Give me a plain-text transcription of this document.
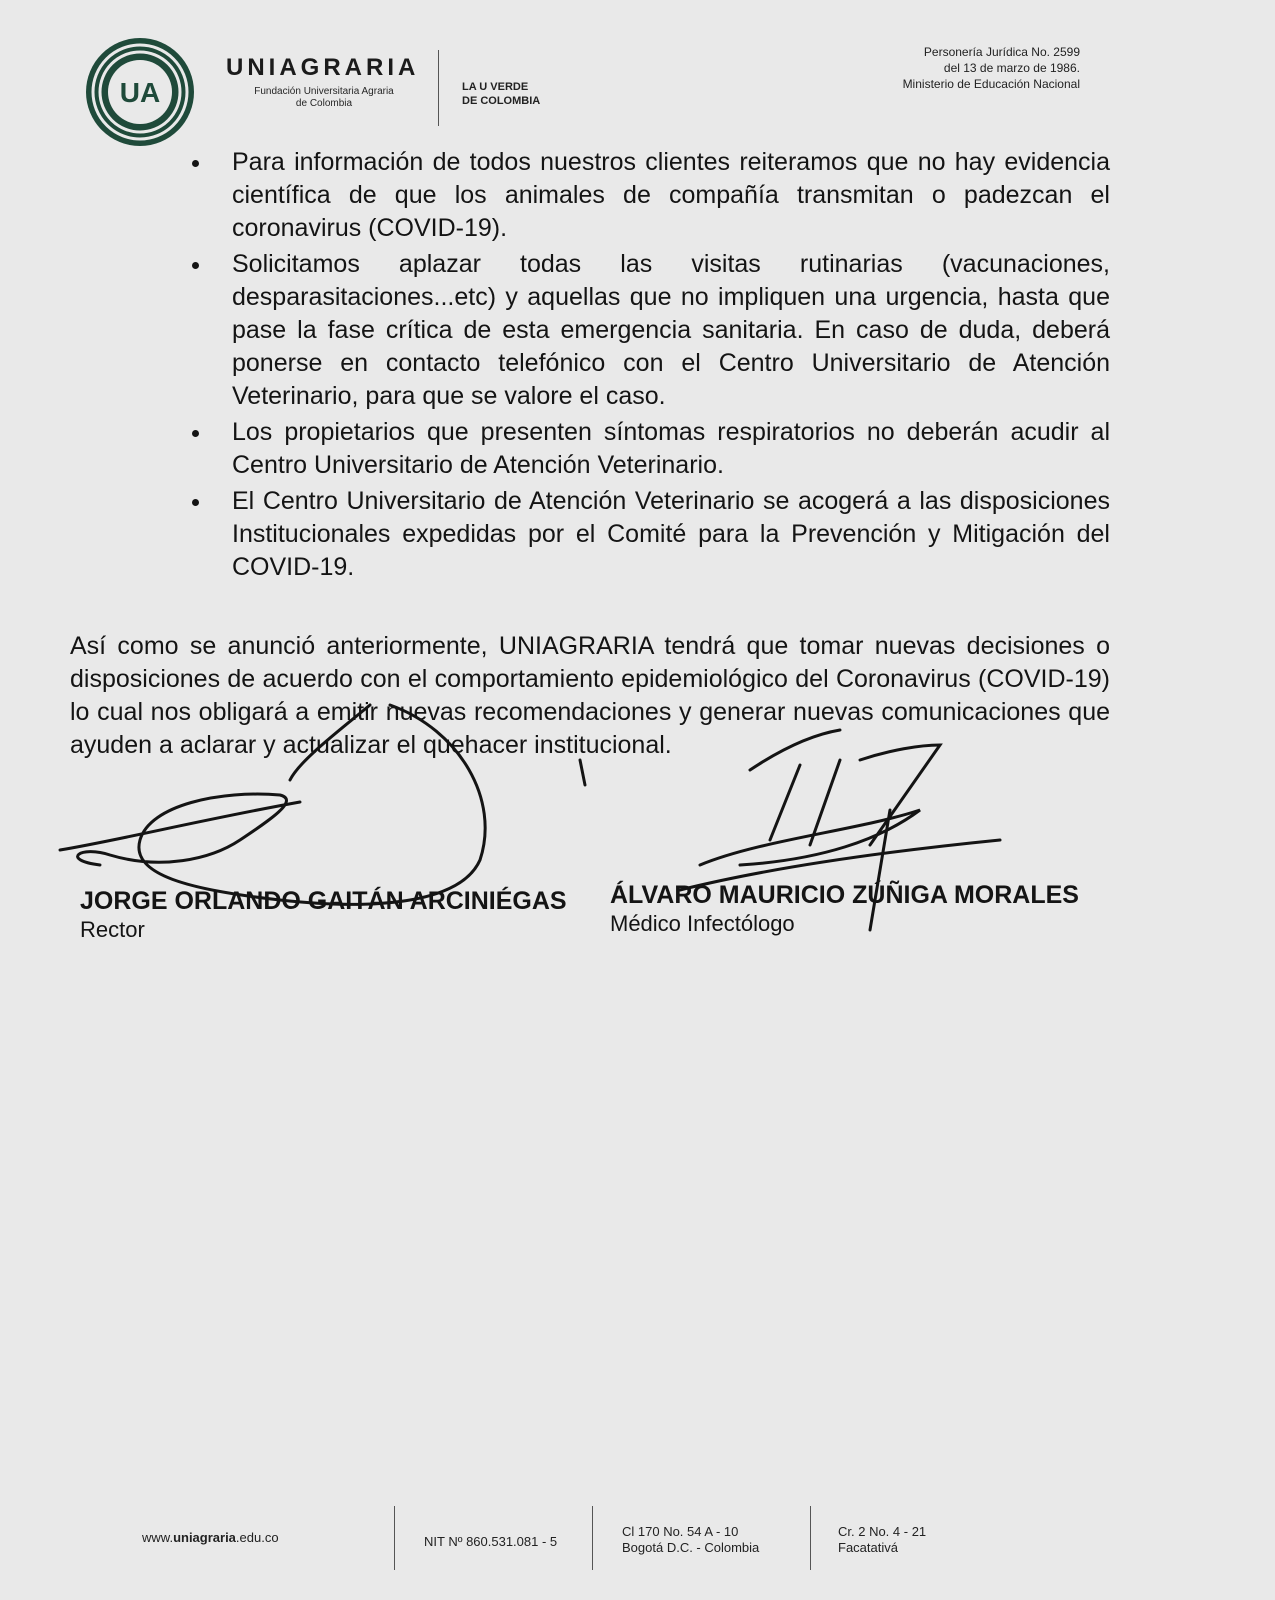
UA
UNIAGRARIA
Fundación Universitaria Agraria
de Colombia
LA U VERDE
DE COLOMBIA
Personería Jurídica No. 2599
del 13 de marzo de 1986.
Ministerio de Educación Nacional
Para información de todos nuestros clientes reiteramos que no hay evidencia científica de que los animales de compañía transmitan o padezcan el coronavirus (COVID-19).
Solicitamos aplazar todas las visitas rutinarias (vacunaciones, desparasitaciones...etc) y aquellas que no impliquen una urgencia, hasta que pase la fase crítica de esta emergencia sanitaria. En caso de duda, deberá ponerse en contacto telefónico con el Centro Universitario de Atención Veterinario, para que se valore el caso.
Los propietarios que presenten síntomas respiratorios no deberán acudir al Centro Universitario de Atención Veterinario.
El Centro Universitario de Atención Veterinario se acogerá a las disposiciones Institucionales expedidas por el Comité para la Prevención y Mitigación del COVID-19.

Así como se anunció anteriormente, UNIAGRARIA tendrá que tomar nuevas decisiones o disposiciones de acuerdo con el comportamiento epidemiológico del Coronavirus (COVID-19) lo cual nos obligará a emitir nuevas recomendaciones y generar nuevas comunicaciones que ayuden a aclarar y actualizar el quehacer institucional.

JORGE ORLANDO GAITÁN ARCINIÉGAS
Rector
ÁLVARO MAURICIO ZÚÑIGA MORALES
Médico Infectólogo
www.uniagraria.edu.co	NIT Nº 860.531.081 - 5
Cl 170 No. 54 A - 10
Bogotá D.C. - Colombia
Cr. 2 No. 4 - 21
Facatativá
